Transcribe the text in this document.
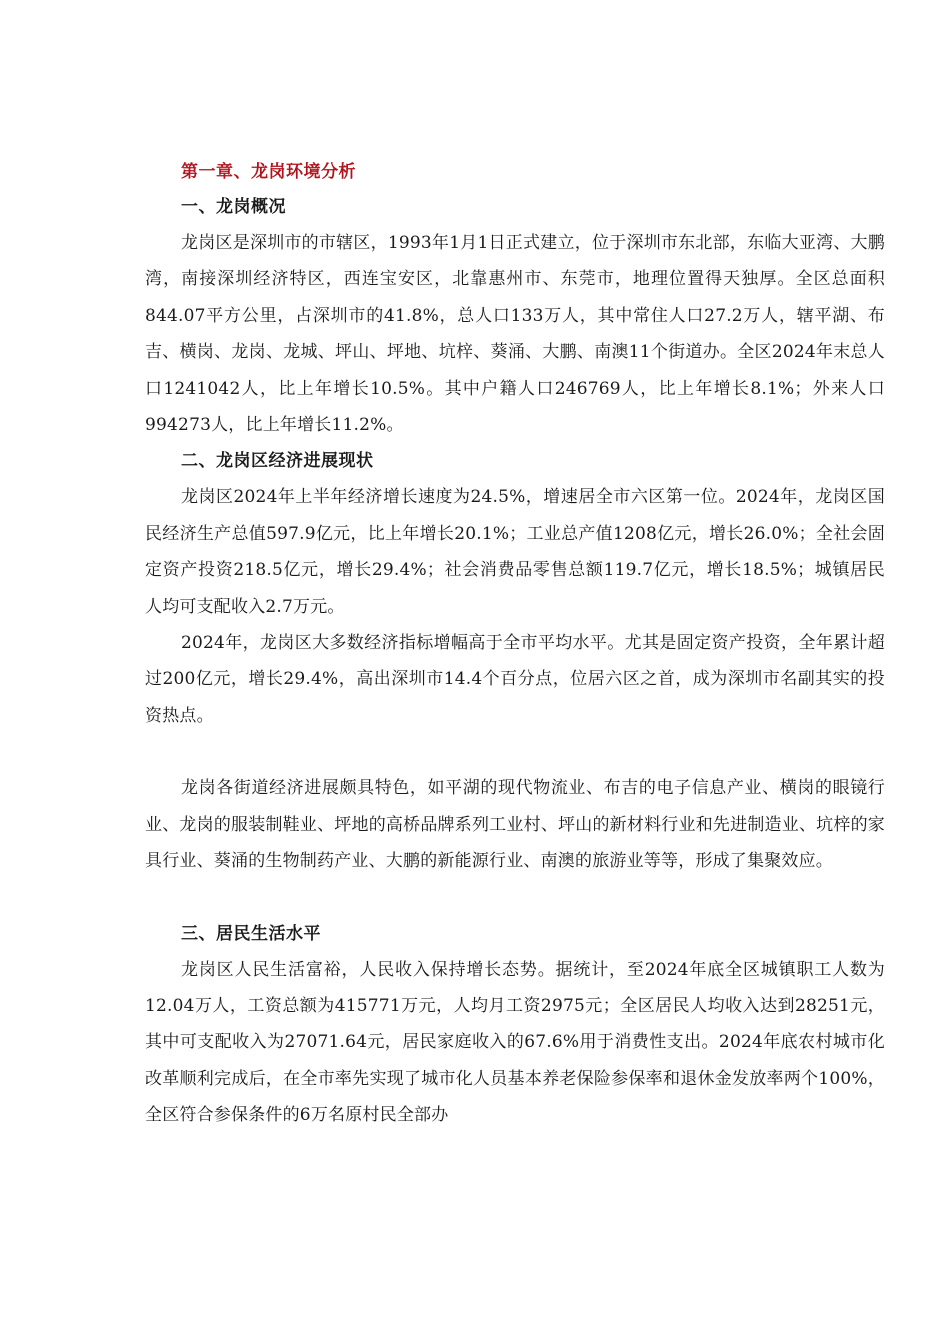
第一章、龙岗环境分析
一、龙岗概况

龙岗区是深圳市的市辖区，1993年1月1日正式建立，位于深圳市东北部，东临大亚湾、大鹏湾，南接深圳经济特区，西连宝安区，北靠惠州市、东莞市，地理位置得天独厚。全区总面积844.07平方公里，占深圳市的41.8%，总人口133万人，其中常住人口27.2万人，辖平湖、布吉、横岗、龙岗、龙城、坪山、坪地、坑梓、葵涌、大鹏、南澳11个街道办。全区2024年末总人口1241042人，比上年增长10.5%。其中户籍人口246769人，比上年增长8.1%；外来人口994273人，比上年增长11.2%。

二、龙岗区经济进展现状

龙岗区2024年上半年经济增长速度为24.5%，增速居全市六区第一位。2024年，龙岗区国民经济生产总值597.9亿元，比上年增长20.1%；工业总产值1208亿元，增长26.0%；全社会固定资产投资218.5亿元，增长29.4%；社会消费品零售总额119.7亿元，增长18.5%；城镇居民人均可支配收入2.7万元。

2024年，龙岗区大多数经济指标增幅高于全市平均水平。尤其是固定资产投资，全年累计超过200亿元，增长29.4%，高出深圳市14.4个百分点，位居六区之首，成为深圳市名副其实的投资热点。

龙岗各街道经济进展颇具特色，如平湖的现代物流业、布吉的电子信息产业、横岗的眼镜行业、龙岗的服装制鞋业、坪地的高桥品牌系列工业村、坪山的新材料行业和先进制造业、坑梓的家具行业、葵涌的生物制药产业、大鹏的新能源行业、南澳的旅游业等等，形成了集聚效应。

三、居民生活水平

龙岗区人民生活富裕，人民收入保持增长态势。据统计，至2024年底全区城镇职工人数为12.04万人，工资总额为415771万元，人均月工资2975元；全区居民人均收入达到28251元，其中可支配收入为27071.64元，居民家庭收入的67.6%用于消费性支出。2024年底农村城市化改革顺利完成后，在全市率先实现了城市化人员基本养老保险参保率和退休金发放率两个100%，全区符合参保条件的6万名原村民全部办
